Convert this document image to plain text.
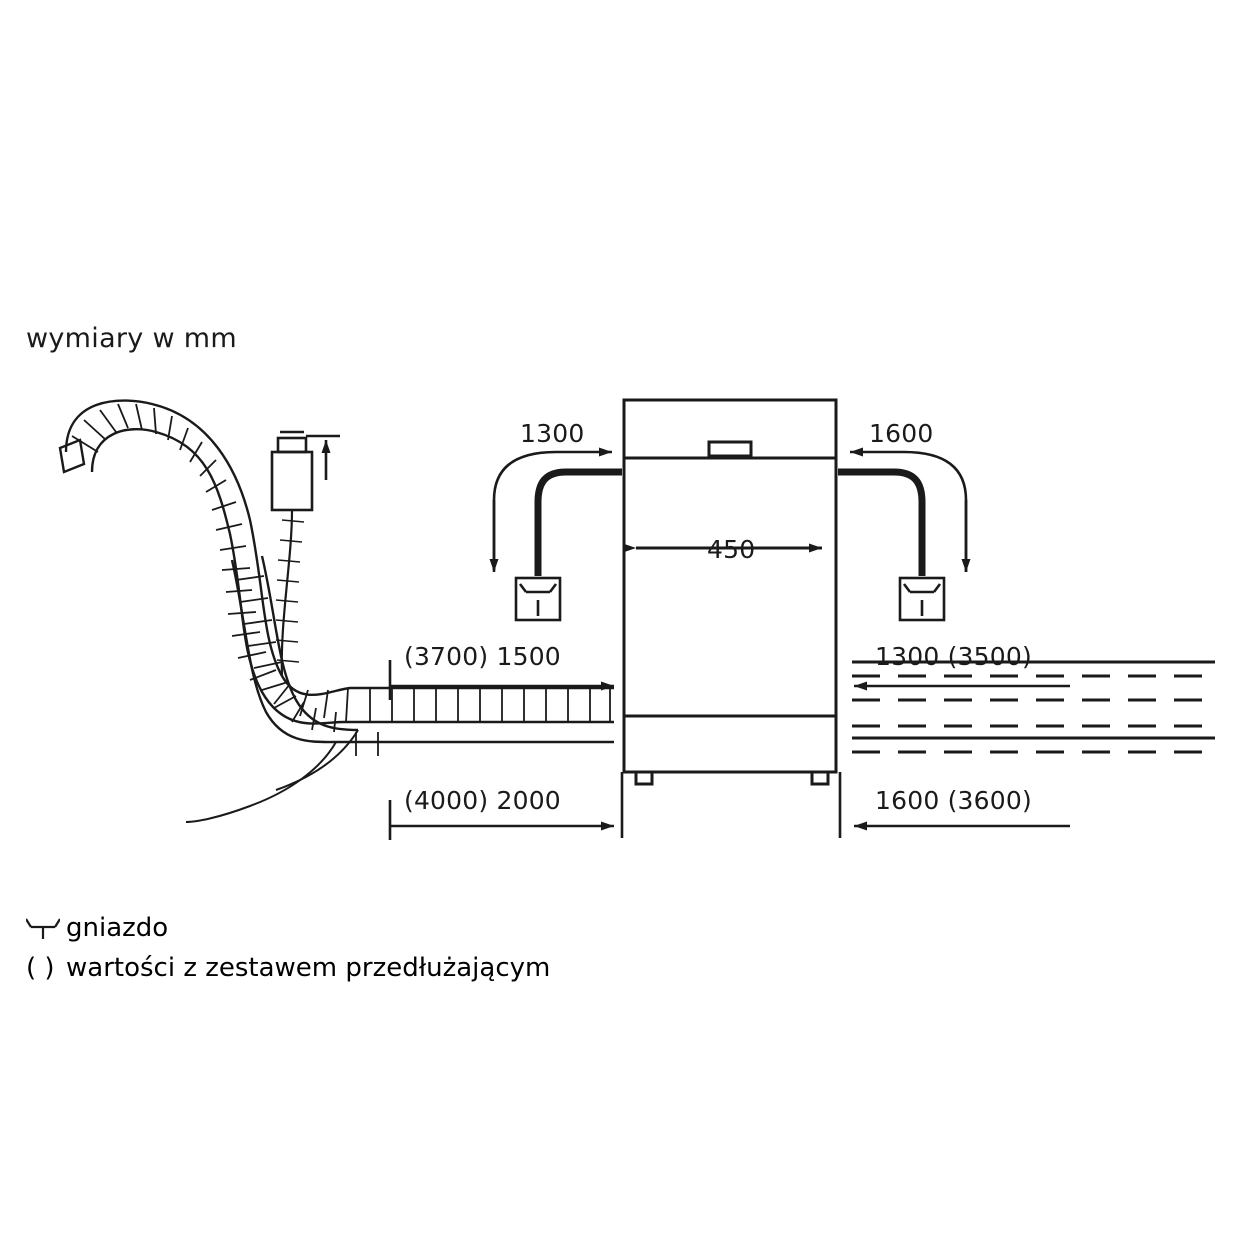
wymiary w mm
1300	1600
450
(3700) 1500	1300 (3500)
(4000) 2000	1600 (3600)
gniazdo
( ) wartości z zestawem przedłużającym
